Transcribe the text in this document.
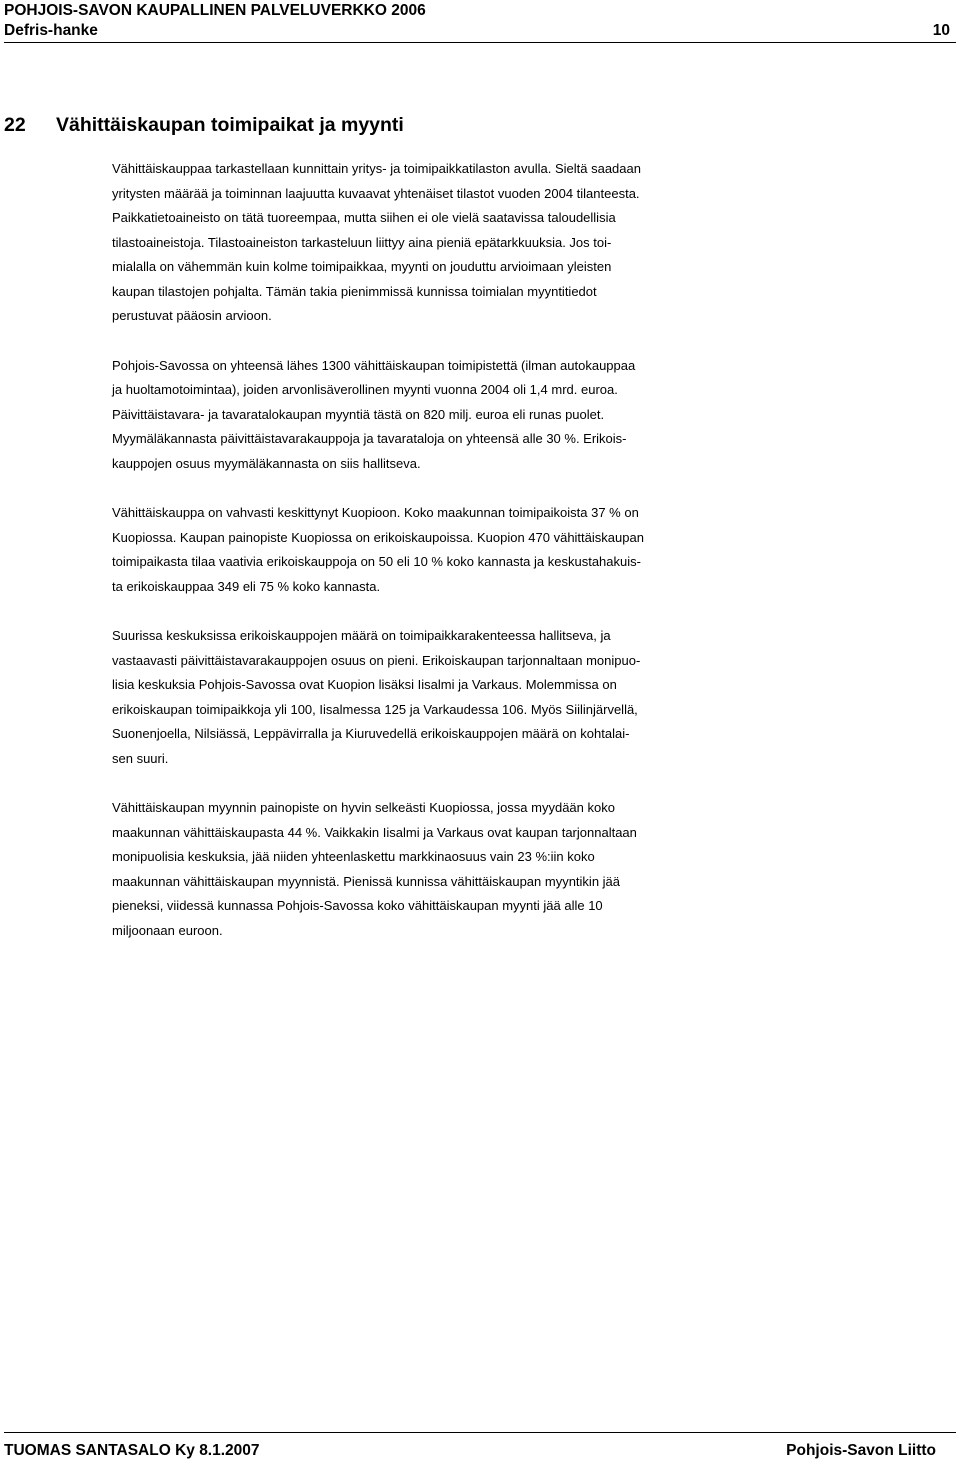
POHJOIS-SAVON KAUPALLINEN PALVELUVERKKO 2006
Defris-hanke	10
22 Vähittäiskaupan toimipaikat ja myynti
Vähittäiskauppaa tarkastellaan kunnittain yritys- ja toimipaikkatilaston avulla. Sieltä saadaan
yritysten määrää ja toiminnan laajuutta kuvaavat yhtenäiset tilastot vuoden 2004 tilanteesta.
Paikkatietoaineisto on tätä tuoreempaa, mutta siihen ei ole vielä saatavissa taloudellisia
tilastoaineistoja. Tilastoaineiston tarkasteluun liittyy aina pieniä epätarkkuuksia. Jos toi-
mialalla on vähemmän kuin kolme toimipaikkaa, myynti on jouduttu arvioimaan yleisten
kaupan tilastojen pohjalta. Tämän takia pienimmissä kunnissa toimialan myyntitiedot
perustuvat pääosin arvioon.
Pohjois-Savossa on yhteensä lähes 1300 vähittäiskaupan toimipistettä (ilman autokauppaa
ja huoltamotoimintaa), joiden arvonlisäverollinen myynti vuonna 2004 oli 1,4 mrd. euroa.
Päivittäistavara- ja tavaratalokaupan myyntiä tästä on 820 milj. euroa eli runas puolet.
Myymäläkannasta päivittäistavarakauppoja ja tavarataloja on yhteensä alle 30 %. Erikois-
kauppojen osuus myymäläkannasta on siis hallitseva.
Vähittäiskauppa on vahvasti keskittynyt Kuopioon. Koko maakunnan toimipaikoista 37 % on
Kuopiossa. Kaupan painopiste Kuopiossa on erikoiskaupoissa. Kuopion 470 vähittäiskaupan
toimipaikasta tilaa vaativia erikoiskauppoja on 50 eli 10 % koko kannasta ja keskustahakuis-
ta erikoiskauppaa 349 eli 75 % koko kannasta.
Suurissa keskuksissa erikoiskauppojen määrä on toimipaikkarakenteessa hallitseva, ja
vastaavasti päivittäistavarakauppojen osuus on pieni. Erikoiskaupan tarjonnaltaan monipuo-
lisia keskuksia Pohjois-Savossa ovat Kuopion lisäksi Iisalmi ja Varkaus. Molemmissa on
erikoiskaupan toimipaikkoja yli 100, Iisalmessa 125 ja Varkaudessa 106. Myös Siilinjärvellä,
Suonenjoella, Nilsiässä, Leppävirralla ja Kiuruvedellä erikoiskauppojen määrä on kohtalai-
sen suuri.
Vähittäiskaupan myynnin painopiste on hyvin selkeästi Kuopiossa, jossa myydään koko
maakunnan vähittäiskaupasta 44 %. Vaikkakin Iisalmi ja Varkaus ovat kaupan tarjonnaltaan
monipuolisia keskuksia, jää niiden yhteenlaskettu markkinaosuus vain 23 %:iin koko
maakunnan vähittäiskaupan myynnistä. Pienissä kunnissa vähittäiskaupan myyntikin jää
pieneksi, viidessä kunnassa Pohjois-Savossa koko vähittäiskaupan myynti jää alle 10
miljoonaan euroon.
TUOMAS SANTASALO Ky 8.1.2007	Pohjois-Savon Liitto
